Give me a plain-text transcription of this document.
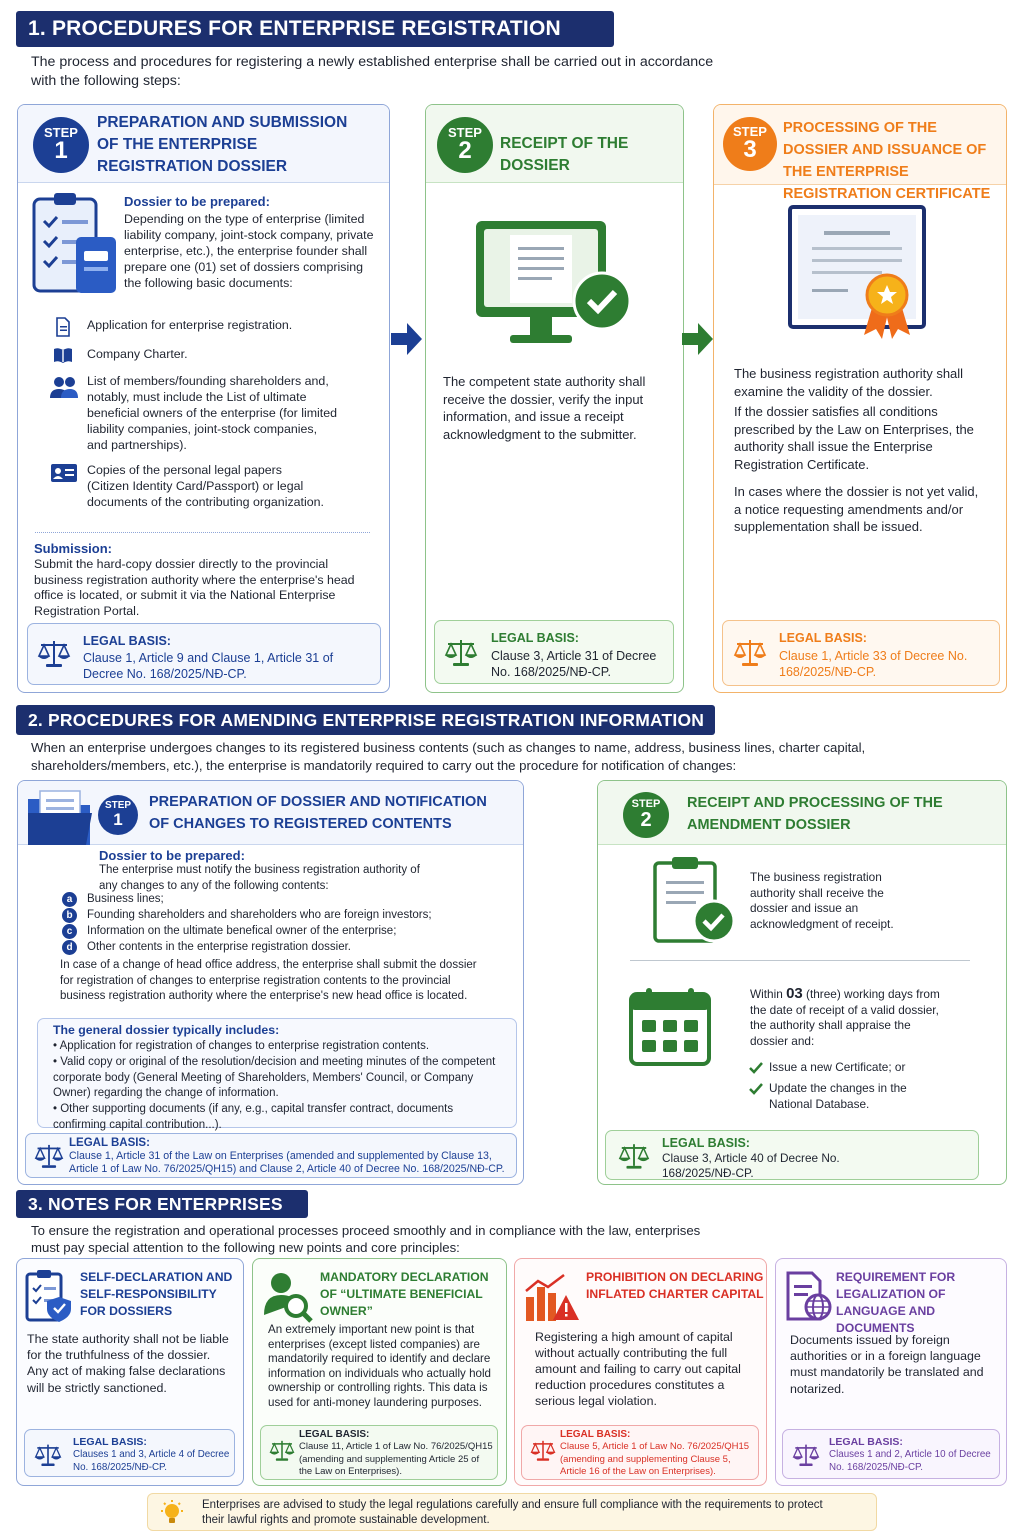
1. PROCEDURES FOR ENTERPRISE REGISTRATION
The process and procedures for registering a newly established enterprise shall be carried out in accordance with the following steps:
STEP
1
PREPARATION AND SUBMISSION OF THE ENTERPRISE REGISTRATION DOSSIER
Dossier to be prepared:
Depending on the type of enterprise (limited liability company, joint-stock company, private enterprise, etc.), the enterprise founder shall prepare one (01) set of dossiers comprising the following basic documents:
Application for enterprise registration.
Company Charter.
List of members/founding shareholders and, notably, must include the List of ultimate beneficial owners of the enterprise (for limited liability companies, joint-stock companies, and partnerships).
Copies of the personal legal papers (Citizen Identity Card/Passport) or legal documents of the contributing organization.
Submission:
Submit the hard-copy dossier directly to the provincial business registration authority where the enterprise's head office is located, or submit it via the National Enterprise Registration Portal.
LEGAL BASIS:
Clause 1, Article 9 and Clause 1, Article 31 of Decree No. 168/2025/NĐ-CP.
STEP
2	RECEIPT OF THE DOSSIER
The competent state authority shall receive the dossier, verify the input information, and issue a receipt acknowledgment to the submitter.
LEGAL BASIS:
Clause 3, Article 31 of Decree No. 168/2025/NĐ-CP.
STEP
3
PROCESSING OF THE DOSSIER AND ISSUANCE OF THE ENTERPRISE REGISTRATION CERTIFICATE
The business registration authority shall examine the validity of the dossier.
If the dossier satisfies all conditions prescribed by the Law on Enterprises, the authority shall issue the Enterprise Registration Certificate.
In cases where the dossier is not yet valid, a notice requesting amendments and/or supplementation shall be issued.
LEGAL BASIS:
Clause 1, Article 33 of Decree No. 168/2025/NĐ-CP.
2. PROCEDURES FOR AMENDING ENTERPRISE REGISTRATION INFORMATION
When an enterprise undergoes changes to its registered business contents (such as changes to name, address, business lines, charter capital, shareholders/members, etc.), the enterprise is mandatorily required to carry out the procedure for notification of changes:
STEP
1
PREPARATION OF DOSSIER AND NOTIFICATION OF CHANGES TO REGISTERED CONTENTS
Dossier to be prepared:
The enterprise must notify the business registration authority of any changes to any of the following contents:
a	Business lines;
b	Founding shareholders and shareholders who are foreign investors;
c	Information on the ultimate benefical owner of the enterprise;
d	Other contents in the enterprise registration dossier.
In case of a change of head office address, the enterprise shall submit the dossier for registration of changes to enterprise registration contents to the provincial business registration authority where the enterprise's new head office is located.
The general dossier typically includes:
• Application for registration of changes to enterprise registration contents.
• Valid copy or original of the resolution/decision and meeting minutes of the competent corporate body (General Meeting of Shareholders, Members' Council, or Company Owner) regarding the change of information.
• Other supporting documents (if any, e.g., capital transfer contract, documents confirming capital contribution...).
LEGAL BASIS:
Clause 1, Article 31 of the Law on Enterprises (amended and supplemented by Clause 13, Article 1 of Law No. 76/2025/QH15) and Clause 2, Article 40 of Decree No. 168/2025/NĐ-CP.
STEP
2
RECEIPT AND PROCESSING OF THE AMENDMENT DOSSIER
The business registration authority shall receive the dossier and issue an acknowledgment of receipt.
Within 03 (three) working days from the date of receipt of a valid dossier, the authority shall appraise the dossier and:
Issue a new Certificate; or
Update the changes in the National Database.
LEGAL BASIS:
Clause 3, Article 40 of Decree No. 168/2025/NĐ-CP.
3. NOTES FOR ENTERPRISES
To ensure the registration and operational processes proceed smoothly and in compliance with the law, enterprises must pay special attention to the following new points and core principles:
SELF-DECLARATION AND SELF-RESPONSIBILITY FOR DOSSIERS
The state authority shall not be liable for the truthfulness of the dossier. Any act of making false declarations will be strictly sanctioned.
LEGAL BASIS:
Clauses 1 and 3, Article 4 of Decree No. 168/2025/NĐ-CP.
MANDATORY DECLARATION OF “ULTIMATE BENEFICIAL OWNER”
An extremely important new point is that enterprises (except listed companies) are mandatorily required to identify and declare information on individuals who actually hold ownership or controlling rights. This data is used for anti-money laundering purposes.
LEGAL BASIS:
Clause 11, Article 1 of Law No. 76/2025/QH15 (amending and supplementing Article 25 of the Law on Enterprises).
PROHIBITION ON DECLARING INFLATED CHARTER CAPITAL
Registering a high amount of capital without actually contributing the full amount and failing to carry out capital reduction procedures constitutes a serious legal violation.
LEGAL BASIS:
Clause 5, Article 1 of Law No. 76/2025/QH15 (amending and supplementing Clause 5, Article 16 of the Law on Enterprises).
REQUIREMENT FOR LEGALIZATION OF LANGUAGE AND DOCUMENTS
Documents issued by foreign authorities or in a foreign language must mandatorily be translated and notarized.
LEGAL BASIS:
Clauses 1 and 2, Article 10 of Decree No. 168/2025/NĐ-CP.
Enterprises are advised to study the legal regulations carefully and ensure full compliance with the requirements to protect their lawful rights and promote sustainable development.
